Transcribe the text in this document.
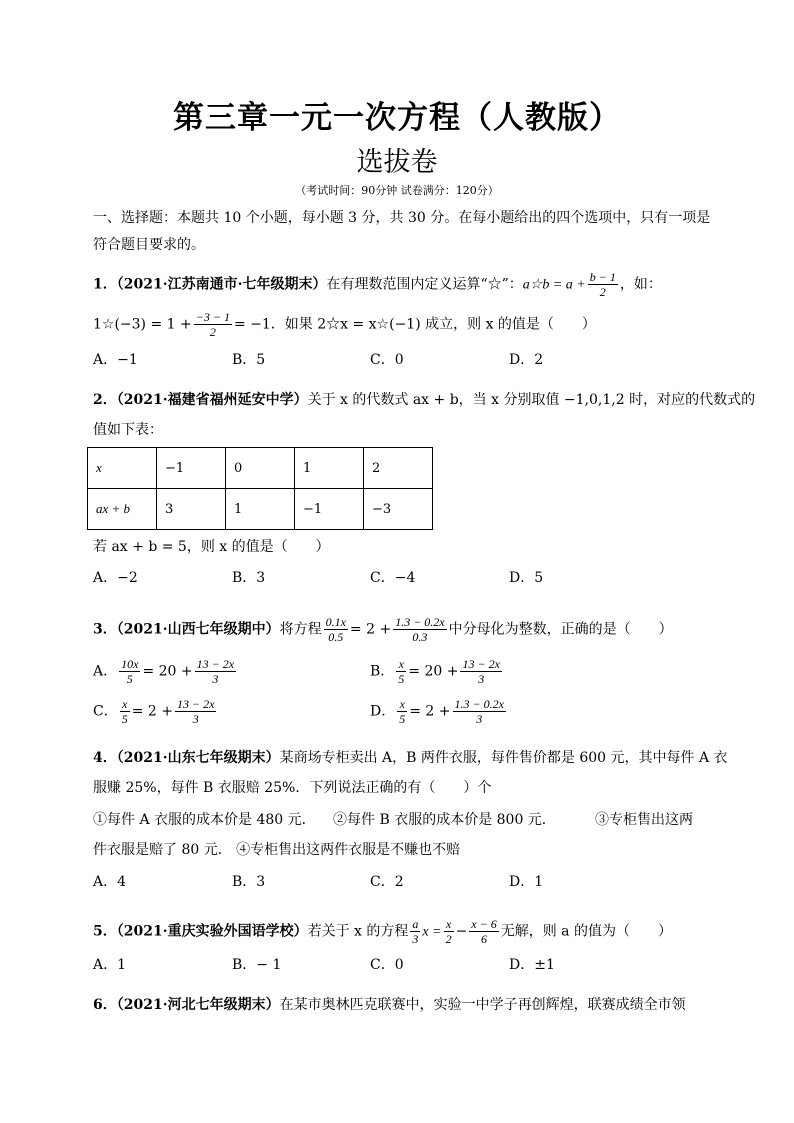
第三章一元一次方程（人教版）
选拔卷
（考试时间：90分钟 试卷满分：120分）
一、选择题：本题共 10 个小题，每小题 3 分，共 30 分。在每小题给出的四个选项中，只有一项是
符合题目要求的。
1．（2021·江苏南通市·七年级期末）在有理数范围内定义运算“☆”：a☆b = $a + \frac{b - 1}{2}$ ，如：
1☆(−3) = $1 + \frac{-3 - 1}{2} = -1$．如果 2☆x = x☆(−1) 成立，则 x 的值是（　　）
A．−1	B．5	C．0	D．2
2．（2021·福建省福州延安中学）关于 x 的代数式 ax + b，当 x 分别取值 −1,0,1,2 时，对应的代数式的
值如下表：
x	−1	0	1	2
ax + b	3	1	−1	−3
若 ax + b = 5，则 x 的值是（　　）
A．−2	B．3	C．−4	D．5
3．（2021·山西七年级期中）将方程 $\frac{0.1x}{0.5} = 2 + \frac{1.3 - 0.2x}{0.3}$ 中分母化为整数，正确的是（　　）
A． $\frac{10x}{5} = 20 + \frac{13 - 2x}{3}$	B． $\frac{x}{5} = 20 + \frac{13 - 2x}{3}$
C． $\frac{x}{5} = 2 + \frac{13 - 2x}{3}$	D． $\frac{x}{5} = 2 + \frac{1.3 - 0.2x}{3}$
4．（2021·山东七年级期末）某商场专柜卖出 A，B 两件衣服，每件售价都是 600 元，其中每件 A 衣
服赚 25%，每件 B 衣服赔 25%．下列说法正确的有（　　）个
①每件 A 衣服的成本价是 480 元． ②每件 B 衣服的成本价是 800 元．	③专柜售出这两
件衣服是赔了 80 元． ④专柜售出这两件衣服是不赚也不赔
A．4	B．3	C．2	D．1
5．（2021·重庆实验外国语学校）若关于 x 的方程 $\frac{a}{3}$ $x = \frac{x}{2} - \frac{x - 6}{6}$ 无解，则 a 的值为（　　）
A．1	B．− 1	C．0	D．±1
6．（2021·河北七年级期末）在某市奥林匹克联赛中，实验一中学子再创辉煌，联赛成绩全市领
